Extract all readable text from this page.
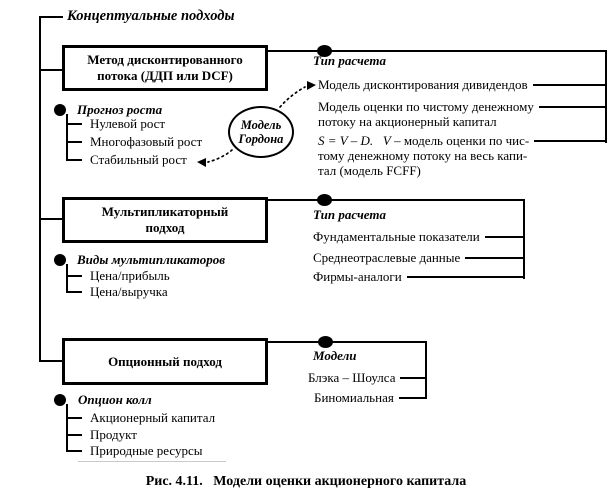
Концептуальные подходы
Метод дисконтированного
потока (ДДП или DCF)
Прогноз роста
Нулевой рост
Многофазовый рост
Стабильный рост
Модель
Гордона
Тип расчета
Модель дисконтирования дивидендов
Модель оценки по чистому денежному
потоку на акционерный капитал
S = V – D. V – модель оценки по чис-
тому денежному потоку на весь капи-
тал (модель FCFF)
Мультипликаторный
подход
Виды мультипликаторов
Цена/прибыль
Цена/выручка
Тип расчета
Фундаментальные показатели
Среднеотраслевые данные
Фирмы-аналоги
Опционный подход
Опцион колл
Акционерный капитал
Продукт
Природные ресурсы
Модели
Блэка – Шоулса
Биномиальная
Рис. 4.11. Модели оценки акционерного капитала
